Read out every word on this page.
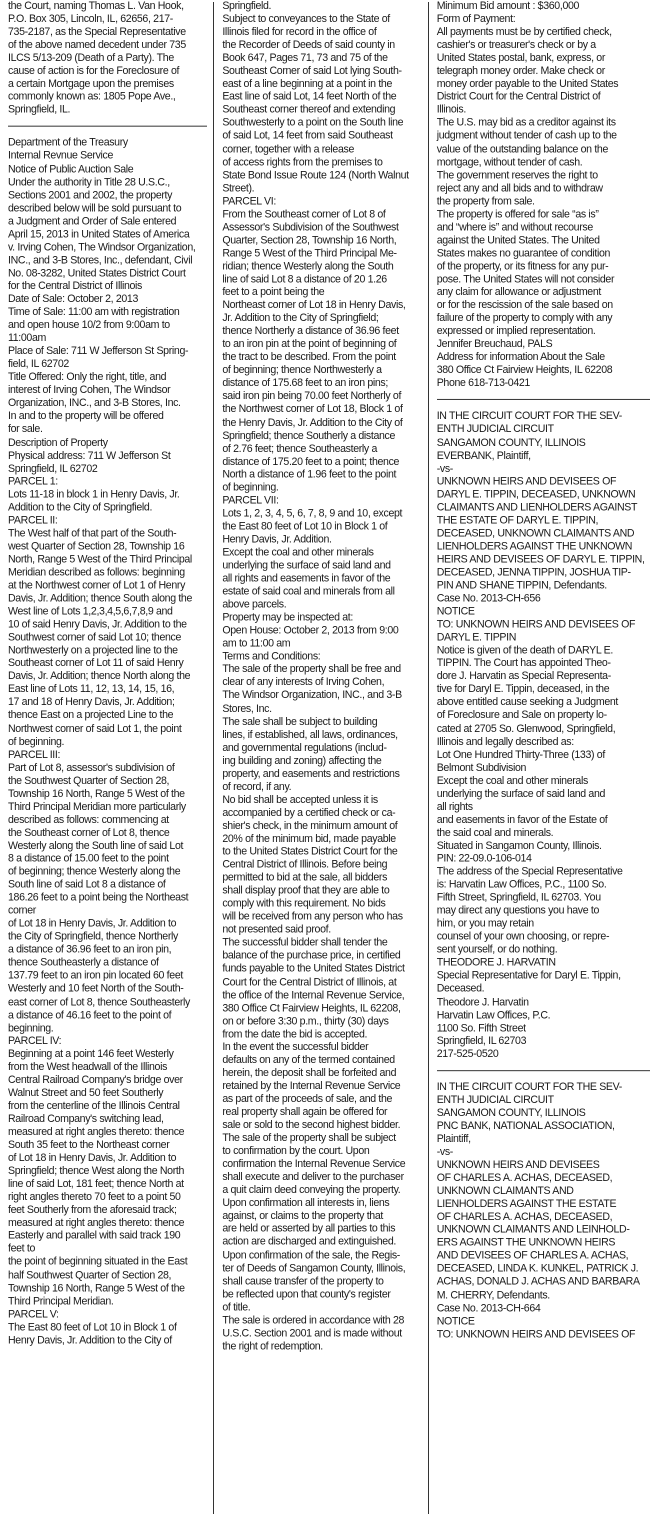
the Court, naming Thomas L. Van Hook,
P.O. Box 305, Lincoln, IL, 62656, 217-
735-2187, as the Special Representative
of the above named decedent under 735
ILCS 5/13-209 (Death of a Party). The
cause of action is for the Foreclosure of
a certain Mortgage upon the premises
commonly known as: 1805 Pope Ave.,
Springfield, IL.
Department of the Treasury
Internal Revnue Service
Notice of Public Auction Sale
Under the authority in Title 28 U.S.C.,
Sections 2001 and 2002, the property
described below will be sold pursuant to
a Judgment and Order of Sale entered
April 15, 2013 in United States of America
v. Irving Cohen, The Windsor Organization,
INC., and 3-B Stores, Inc., defendant, Civil
No. 08-3282, United States District Court
for the Central District of Illinois
Date of Sale: October 2, 2013
Time of Sale: 11:00 am with registration
and open house 10/2 from 9:00am to
11:00am
Place of Sale: 711 W Jefferson St Spring-
field, IL 62702
Title Offered: Only the right, title, and
interest of Irving Cohen, The Windsor
Organization, INC., and 3-B Stores, Inc.
In and to the property will be offered
for sale.
Description of Property
Physical address: 711 W Jefferson St
Springfield, IL 62702
PARCEL 1:
Lots 11-18 in block 1 in Henry Davis, Jr.
Addition to the City of Springfield.
PARCEL II:
The West half of that part of the South-
west Quarter of Section 28, Township 16
North, Range 5 West of the Third Principal
Meridian described as follows: beginning
at the Northwest corner of Lot 1 of Henry
Davis, Jr. Addition; thence South along the
West line of Lots 1,2,3,4,5,6,7,8,9 and
10 of said Henry Davis, Jr. Addition to the
Southwest corner of said Lot 10; thence
Northwesterly on a projected line to the
Southeast corner of Lot 11 of said Henry
Davis, Jr. Addition; thence North along the
East line of Lots 11, 12, 13, 14, 15, 16,
17 and 18 of Henry Davis, Jr. Addition;
thence East on a projected Line to the
Northwest corner of said Lot 1, the point
of beginning.
PARCEL III:
Part of Lot 8, assessor's subdivision of
the Southwest Quarter of Section 28,
Township 16 North, Range 5 West of the
Third Principal Meridian more particularly
described as follows: commencing at
the Southeast corner of Lot 8, thence
Westerly along the South line of said Lot
8 a distance of 15.00 feet to the point
of beginning; thence Westerly along the
South line of said Lot 8 a distance of
186.26 feet to a point being the Northeast
corner
of Lot 18 in Henry Davis, Jr. Addition to
the City of Springfield, thence Northerly
a distance of 36.96 feet to an iron pin,
thence Southeasterly a distance of
137.79 feet to an iron pin located 60 feet
Westerly and 10 feet North of the South-
east corner of Lot 8, thence Southeasterly
a distance of 46.16 feet to the point of
beginning.
PARCEL IV:
Beginning at a point 146 feet Westerly
from the West headwall of the Illinois
Central Railroad Company's bridge over
Walnut Street and 50 feet Southerly
from the centerline of the Illinois Central
Railroad Company's switching lead,
measured at right angles thereto: thence
South 35 feet to the Northeast corner
of Lot 18 in Henry Davis, Jr. Addition to
Springfield; thence West along the North
line of said Lot, 181 feet; thence North at
right angles thereto 70 feet to a point 50
feet Southerly from the aforesaid track;
measured at right angles thereto: thence
Easterly and parallel with said track 190
feet to
the point of beginning situated in the East
half Southwest Quarter of Section 28,
Township 16 North, Range 5 West of the
Third Principal Meridian.
PARCEL V:
The East 80 feet of Lot 10 in Block 1 of
Henry Davis, Jr. Addition to the City of
Springfield.
Subject to conveyances to the State of
Illinois filed for record in the office of
the Recorder of Deeds of said county in
Book 647, Pages 71, 73 and 75 of the
Southeast Corner of said Lot lying South-
east of a line beginning at a point in the
East line of said Lot, 14 feet North of the
Southeast corner thereof and extending
Southwesterly to a point on the South line
of said Lot, 14 feet from said Southeast
corner, together with a release
of access rights from the premises to
State Bond Issue Route 124 (North Walnut
Street).
PARCEL VI:
From the Southeast corner of Lot 8 of
Assessor's Subdivision of the Southwest
Quarter, Section 28, Township 16 North,
Range 5 West of the Third Principal Me-
ridian; thence Westerly along the South
line of said Lot 8 a distance of 20 1.26
feet to a point being the
Northeast corner of Lot 18 in Henry Davis,
Jr. Addition to the City of Springfield;
thence Northerly a distance of 36.96 feet
to an iron pin at the point of beginning of
the tract to be described. From the point
of beginning; thence Northwesterly a
distance of 175.68 feet to an iron pins;
said iron pin being 70.00 feet Northerly of
the Northwest corner of Lot 18, Block 1 of
the Henry Davis, Jr. Addition to the City of
Springfield; thence Southerly a distance
of 2.76 feet; thence Southeasterly a
distance of 175.20 feet to a point; thence
North a distance of 1.96 feet to the point
of beginning.
PARCEL VII:
Lots 1, 2, 3, 4, 5, 6, 7, 8, 9 and 10, except
the East 80 feet of Lot 10 in Block 1 of
Henry Davis, Jr. Addition.
Except the coal and other minerals
underlying the surface of said land and
all rights and easements in favor of the
estate of said coal and minerals from all
above parcels.
Property may be inspected at:
Open House: October 2, 2013 from 9:00
am to 11:00 am
Terms and Conditions:
The sale of the property shall be free and
clear of any interests of Irving Cohen,
The Windsor Organization, INC., and 3-B
Stores, Inc.
The sale shall be subject to building
lines, if established, all laws, ordinances,
and governmental regulations (includ-
ing building and zoning) affecting the
property, and easements and restrictions
of record, if any.
No bid shall be accepted unless it is
accompanied by a certified check or ca-
shier's check, in the minimum amount of
20% of the minimum bid, made payable
to the United States District Court for the
Central District of Illinois. Before being
permitted to bid at the sale, all bidders
shall display proof that they are able to
comply with this requirement. No bids
will be received from any person who has
not presented said proof.
The successful bidder shall tender the
balance of the purchase price, in certified
funds payable to the United States District
Court for the Central District of Illinois, at
the office of the Internal Revenue Service,
380 Office Ct Fairview Heights, IL 62208,
on or before 3:30 p.m., thirty (30) days
from the date the bid is accepted.
In the event the successful bidder
defaults on any of the termed contained
herein, the deposit shall be forfeited and
retained by the Internal Revenue Service
as part of the proceeds of sale, and the
real property shall again be offered for
sale or sold to the second highest bidder.
The sale of the property shall be subject
to confirmation by the court. Upon
confirmation the Internal Revenue Service
shall execute and deliver to the purchaser
a quit claim deed conveying the property.
Upon confirmation all interests in, liens
against, or claims to the property that
are held or asserted by all parties to this
action are discharged and extinguished.
Upon confirmation of the sale, the Regis-
ter of Deeds of Sangamon County, Illinois,
shall cause transfer of the property to
be reflected upon that county's register
of title.
The sale is ordered in accordance with 28
U.S.C. Section 2001 and is made without
the right of redemption.
Minimum Bid amount : $360,000
Form of Payment:
All payments must be by certified check,
cashier's or treasurer's check or by a
United States postal, bank, express, or
telegraph money order. Make check or
money order payable to the United States
District Court for the Central District of
Illinois.
The U.S. may bid as a creditor against its
judgment without tender of cash up to the
value of the outstanding balance on the
mortgage, without tender of cash.
The government reserves the right to
reject any and all bids and to withdraw
the property from sale.
The property is offered for sale “as is”
and “where is” and without recourse
against the United States. The United
States makes no guarantee of condition
of the property, or its fitness for any pur-
pose. The United States will not consider
any claim for allowance or adjustment
or for the rescission of the sale based on
failure of the property to comply with any
expressed or implied representation.
Jennifer Breuchaud, PALS
Address for information About the Sale
380 Office Ct Fairview Heights, IL 62208
Phone 618-713-0421
IN THE CIRCUIT COURT FOR THE SEV-
ENTH JUDICIAL CIRCUIT
SANGAMON COUNTY, ILLINOIS
EVERBANK, Plaintiff,
-vs-
UNKNOWN HEIRS AND DEVISEES OF
DARYL E. TIPPIN, DECEASED, UNKNOWN
CLAIMANTS AND LIENHOLDERS AGAINST
THE ESTATE OF DARYL E. TIPPIN,
DECEASED, UNKNOWN CLAIMANTS AND
LIENHOLDERS AGAINST THE UNKNOWN
HEIRS AND DEVISEES OF DARYL E. TIPPIN,
DECEASED, JENNA TIPPIN, JOSHUA TIP-
PIN AND SHANE TIPPIN, Defendants.
Case No. 2013-CH-656
NOTICE
TO: UNKNOWN HEIRS AND DEVISEES OF
DARYL E. TIPPIN
Notice is given of the death of DARYL E.
TIPPIN. The Court has appointed Theo-
dore J. Harvatin as Special Representa-
tive for Daryl E. Tippin, deceased, in the
above entitled cause seeking a Judgment
of Foreclosure and Sale on property lo-
cated at 2705 So. Glenwood, Springfield,
Illinois and legally described as:
Lot One Hundred Thirty-Three (133) of
Belmont Subdivision
Except the coal and other minerals
underlying the surface of said land and
all rights
and easements in favor of the Estate of
the said coal and minerals.
Situated in Sangamon County, Illinois.
PIN: 22-09.0-106-014
The address of the Special Representative
is: Harvatin Law Offices, P.C., 1100 So.
Fifth Street, Springfield, IL 62703. You
may direct any questions you have to
him, or you may retain
counsel of your own choosing, or repre-
sent yourself, or do nothing.
THEODORE J. HARVATIN
Special Representative for Daryl E. Tippin,
Deceased.
Theodore J. Harvatin
Harvatin Law Offices, P.C.
1100 So. Fifth Street
Springfield, IL 62703
217-525-0520
IN THE CIRCUIT COURT FOR THE SEV-
ENTH JUDICIAL CIRCUIT
SANGAMON COUNTY, ILLINOIS
PNC BANK, NATIONAL ASSOCIATION,
Plaintiff,
-vs-
UNKNOWN HEIRS AND DEVISEES
OF CHARLES A. ACHAS, DECEASED,
UNKNOWN CLAIMANTS AND
LIENHOLDERS AGAINST THE ESTATE
OF CHARLES A. ACHAS, DECEASED,
UNKNOWN CLAIMANTS AND LEINHOLD-
ERS AGAINST THE UNKNOWN HEIRS
AND DEVISEES OF CHARLES A. ACHAS,
DECEASED, LINDA K. KUNKEL, PATRICK J.
ACHAS, DONALD J. ACHAS AND BARBARA
M. CHERRY, Defendants.
Case No. 2013-CH-664
NOTICE
TO: UNKNOWN HEIRS AND DEVISEES OF
